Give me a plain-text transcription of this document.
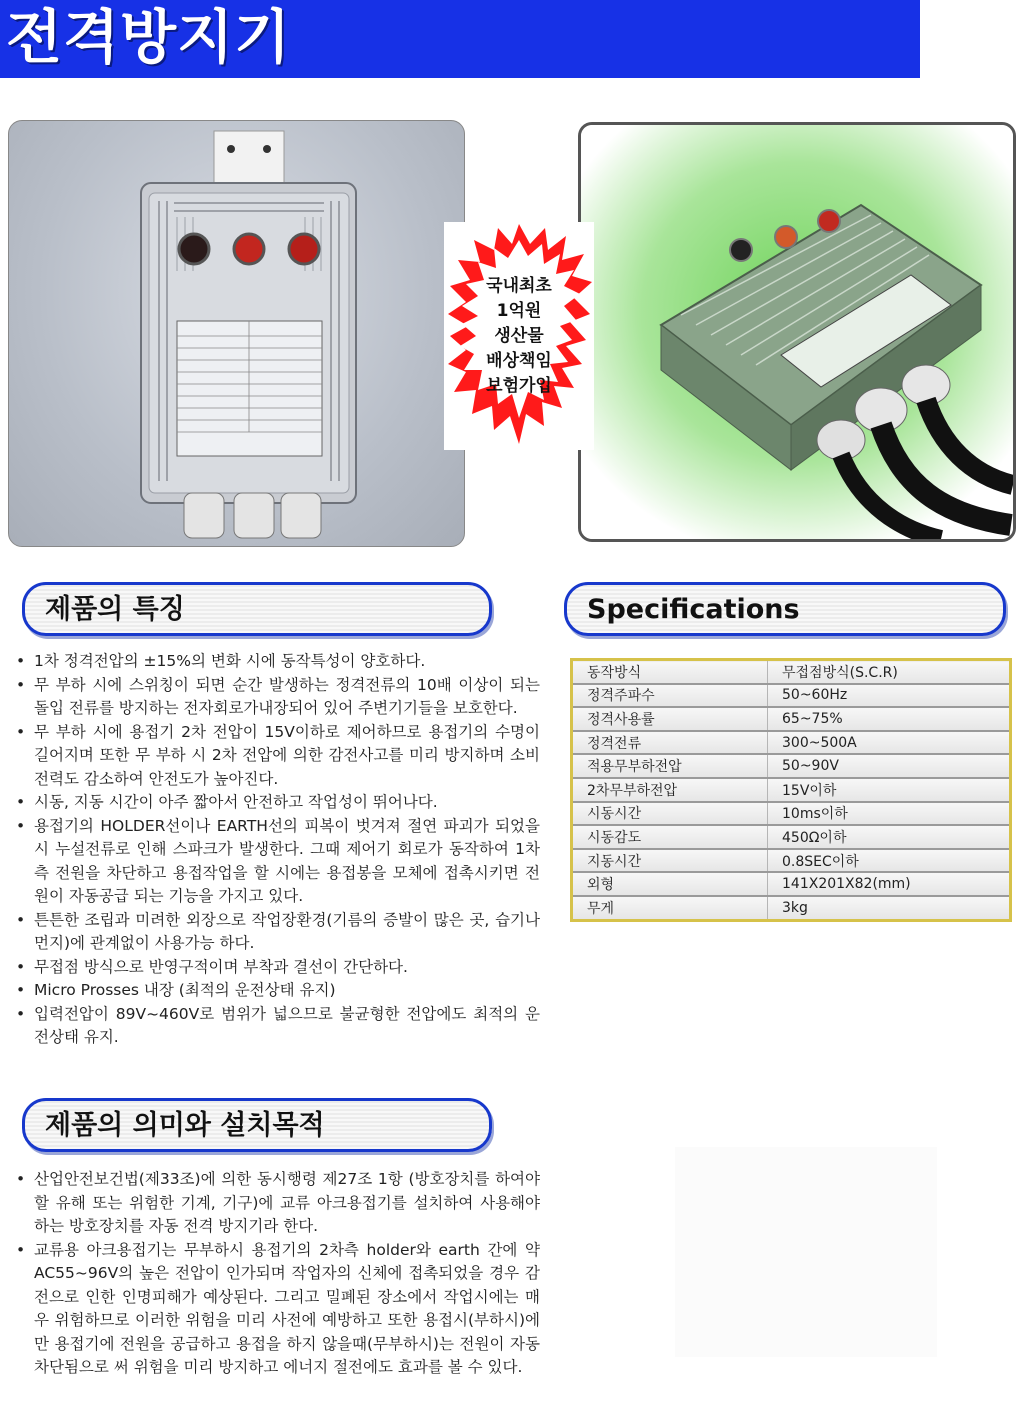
전격방지기
국내최초
1억원
생산물
배상책임
보험가입
제품의 특징	Specifications
• 1차 정격전압의 ±15%의 변화 시에 동작특성이 양호하다.
• 무 부하 시에 스위칭이 되면 순간 발생하는 정격전류의 10배 이상이 되는 돌입 전류를 방지하는 전자회로가내장되어 있어 주변기기들을 보호한다.
• 무 부하 시에 용접기 2차 전압이 15V이하로 제어하므로 용접기의 수명이 길어지며 또한 무 부하 시 2차 전압에 의한 감전사고를 미리 방지하며 소비전력도 감소하여 안전도가 높아진다.
• 시동, 지동 시간이 아주 짧아서 안전하고 작업성이 뛰어나다.
• 용접기의 HOLDER선이나 EARTH선의 피복이 벗겨져 절연 파괴가 되었을 시 누설전류로 인해 스파크가 발생한다. 그때 제어기 회로가 동작하여 1차측 전원을 차단하고 용접작업을 할 시에는 용접봉을 모체에 접촉시키면 전원이 자동공급 되는 기능을 가지고 있다.
• 튼튼한 조립과 미려한 외장으로 작업장환경(기름의 증발이 많은 곳, 습기나 먼지)에 관계없이 사용가능 하다.
• 무접점 방식으로 반영구적이며 부착과 결선이 간단하다.
• Micro Prosses 내장 (최적의 운전상태 유지)
• 입력전압이 89V~460V로 범위가 넓으므로 불균형한 전압에도 최적의 운전상태 유지.
동작방식	무접점방식(S.C.R)
정격주파수	50~60Hz
정격사용률	65~75%
정격전류	300~500A
적용무부하전압	50~90V
2차무부하전압	15V이하
시동시간	10ms이하
시동감도	450Ω이하
지동시간	0.8SEC이하
외형	141X201X82(mm)
무게	3kg
제품의 의미와 설치목적
• 산업안전보건법(제33조)에 의한 동시행령 제27조 1항 (방호장치를 하여야 할 유해 또는 위험한 기계, 기구)에 교류 아크용접기를 설치하여 사용해야 하는 방호장치를 자동 전격 방지기라 한다.
• 교류용 아크용접기는 무부하시 용접기의 2차측 holder와 earth 간에 약 AC55~96V의 높은 전압이 인가되며 작업자의 신체에 접촉되었을 경우 감전으로 인한 인명피해가 예상된다. 그리고 밀폐된 장소에서 작업시에는 매우 위험하므로 이러한 위험을 미리 사전에 예방하고 또한 용접시(부하시)에만 용접기에 전원을 공급하고 용접을 하지 않을때(무부하시)는 전원이 자동 차단됨으로 써 위험을 미리 방지하고 에너지 절전에도 효과를 볼 수 있다.
